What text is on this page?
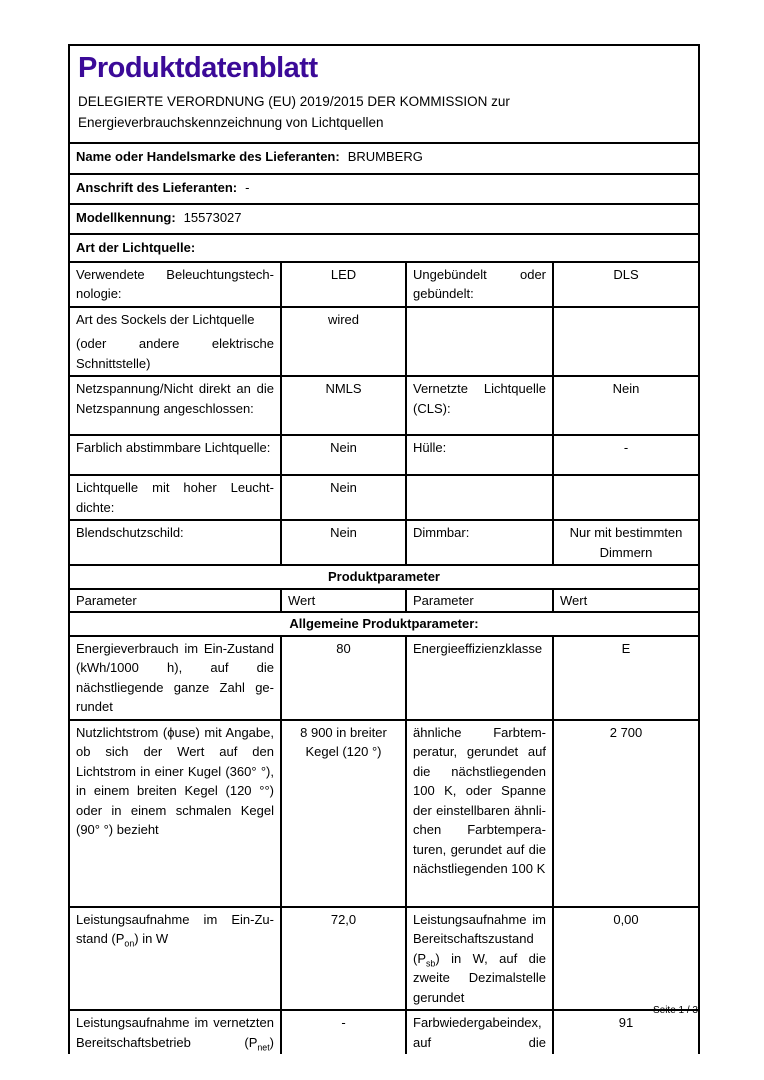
Produktdatenblatt
DELEGIERTE VERORDNUNG (EU) 2019/2015 DER KOMMISSION zur Energieverbrauchskennzeichnung von Lichtquellen			

Name oder Handelsmarke des Lieferanten: BRUMBERG			
Anschrift des Lieferanten: -			
Modellkennung: 15573027			
Art der Lichtquelle:			
Verwendete Beleuchtungstechnologie:	LED	Ungebündelt oder gebündelt:	DLS

Art des Sockels der Lichtquelle
(oder andere elektrische Schnittstelle)	wired		
Netzspannung/Nicht direkt an die Netzspannung angeschlossen:	NMLS	Vernetzte Lichtquelle (CLS):	Nein
Farblich abstimmbare Lichtquelle:	Nein	Hülle:	-
Lichtquelle mit hoher Leuchtdichte:	Nein		
Blendschutzschild:	Nein	Dimmbar:	Nur mit bestimmten Dimmern
Produktparameter			
Parameter	Wert	Parameter	Wert
Allgemeine Produktparameter:			
Energieverbrauch im Ein-Zustand (kWh/1000 h), auf die nächstliegende ganze Zahl gerundet	80	Energieeffizienzklasse	E
Nutzlichtstrom (ϕuse) mit Angabe, ob sich der Wert auf den Lichtstrom in einer Kugel (360° °), in einem breiten Kegel (120 °°) oder in einem schmalen Kegel (90° °) bezieht	8 900 in breiter Kegel (120 °)	ähnliche Farbtemperatur, gerundet auf die nächstliegenden 100 K, oder Spanne der einstellbaren ähnlichen Farbtemperaturen, gerundet auf die nächstliegenden 100 K	2 700
Leistungsaufnahme im Ein-Zustand $(P_{on})$ in W	72,0	Leistungsaufnahme im Bereitschaftszustand $(P_{sb})$ in W, auf die zweite Dezimalstelle gerundet	0,00
Leistungsaufnahme im vernetzten Bereitschaftsbetrieb $(P_{net})$	-	Farbwiedergabeindex, auf die	91
Seite 1 / 3
